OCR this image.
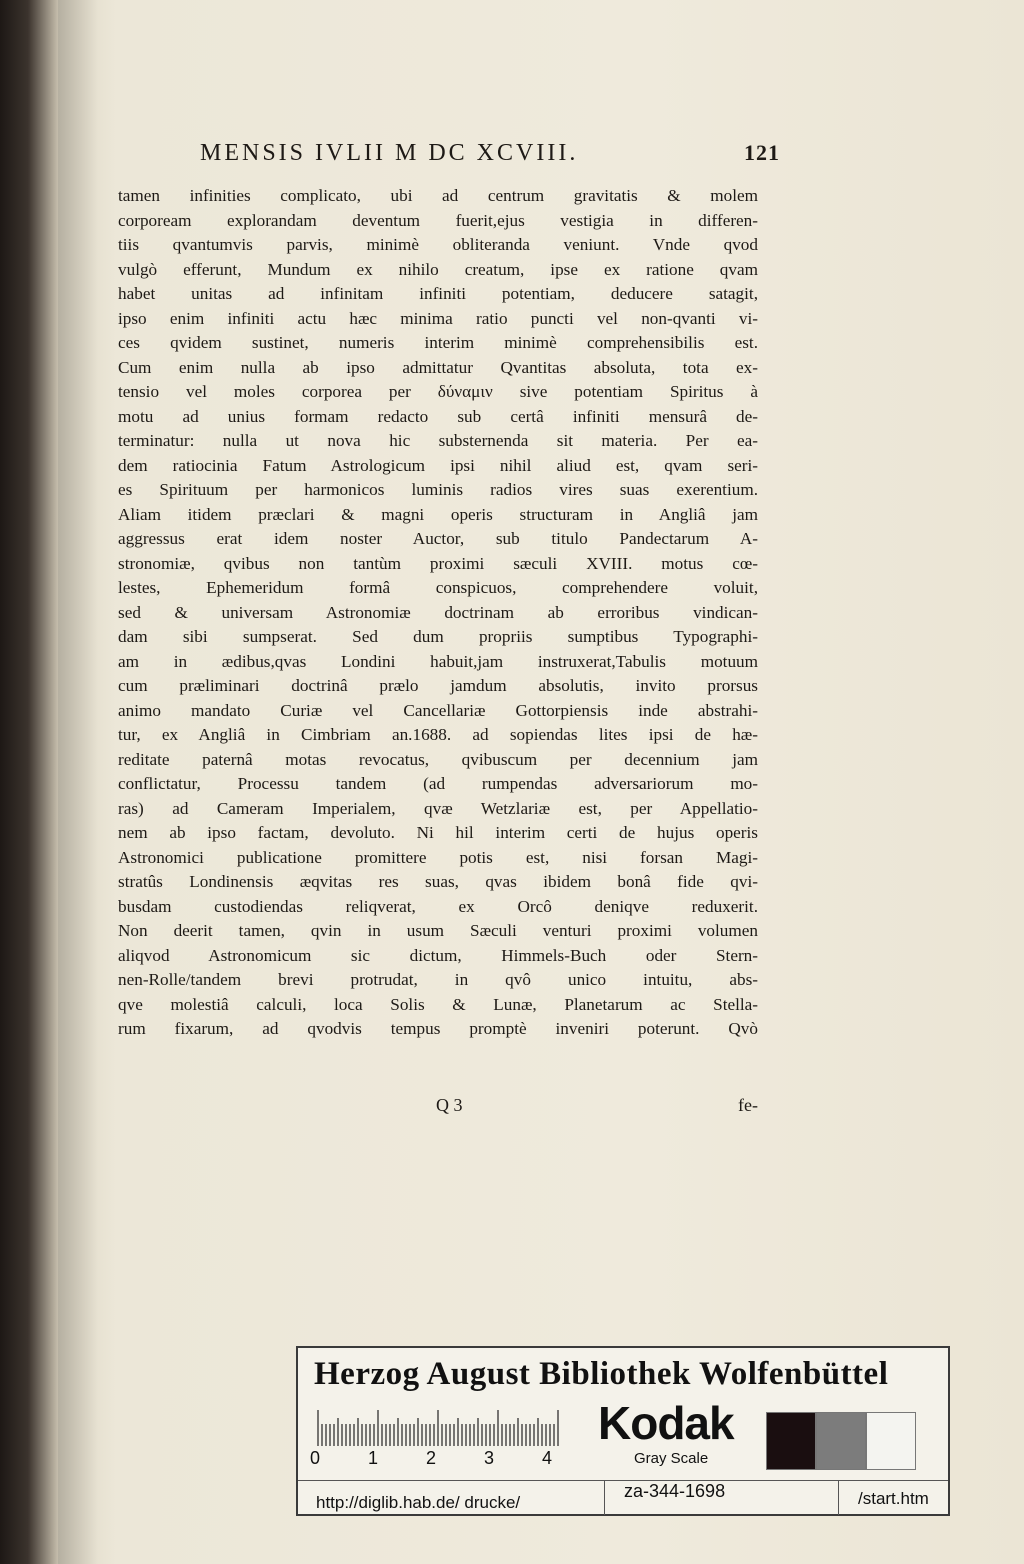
MENSIS IVLII M DC XCVIII.	121
tamen infinities complicato, ubi ad centrum gravitatis & molem
corpoream explorandam deventum fuerit,ejus vestigia in differen-
tiis qvantumvis parvis, minimè obliteranda veniunt. Vnde qvod
vulgò efferunt, Mundum ex nihilo creatum, ipse ex ratione qvam
habet unitas ad infinitam infiniti potentiam, deducere satagit,
ipso enim infiniti actu hæc minima ratio puncti vel non-qvanti vi-
ces qvidem sustinet, numeris interim minimè comprehensibilis est.
Cum enim nulla ab ipso admittatur Qvantitas absoluta, tota ex-
tensio vel moles corporea per δύναμιν sive potentiam Spiritus à
motu ad unius formam redacto sub certâ infiniti mensurâ de-
terminatur: nulla ut nova hic substernenda sit materia. Per ea-
dem ratiocinia Fatum Astrologicum ipsi nihil aliud est, qvam seri-
es Spirituum per harmonicos luminis radios vires suas exerentium.
Aliam itidem præclari & magni operis structuram in Angliâ jam
aggressus erat idem noster Auctor, sub titulo Pandectarum A-
stronomiæ, qvibus non tantùm proximi sæculi XVIII. motus cœ-
lestes, Ephemeridum formâ conspicuos, comprehendere voluit,
sed & universam Astronomiæ doctrinam ab erroribus vindican-
dam sibi sumpserat. Sed dum propriis sumptibus Typographi-
am in ædibus,qvas Londini habuit,jam instruxerat,Tabulis motuum
cum præliminari doctrinâ prælo jamdum absolutis, invito prorsus
animo mandato Curiæ vel Cancellariæ Gottorpiensis inde abstrahi-
tur, ex Angliâ in Cimbriam an.1688. ad sopiendas lites ipsi de hæ-
reditate paternâ motas revocatus, qvibuscum per decennium jam
conflictatur, Processu tandem (ad rumpendas adversariorum mo-
ras) ad Cameram Imperialem, qvæ Wetzlariæ est, per Appellatio-
nem ab ipso factam, devoluto. Ni hil interim certi de hujus operis
Astronomici publicatione promittere potis est, nisi forsan Magi-
stratûs Londinensis æqvitas res suas, qvas ibidem bonâ fide qvi-
busdam custodiendas reliqverat, ex Orcô deniqve reduxerit.
Non deerit tamen, qvin in usum Sæculi venturi proximi volumen
aliqvod Astronomicum sic dictum, Himmels-Buch oder Stern-
nen-Rolle/tandem brevi protrudat, in qvô unico intuitu, abs-
qve molestiâ calculi, loca Solis & Lunæ, Planetarum ac Stella-
rum fixarum, ad qvodvis tempus promptè inveniri poterunt. Qvò
Q 3	fe-
Herzog August Bibliothek Wolfenbüttel
0	1	2	3	4
Kodak
Gray Scale
http://diglib.hab.de/ drucke/
za-344-1698	/start.htm
